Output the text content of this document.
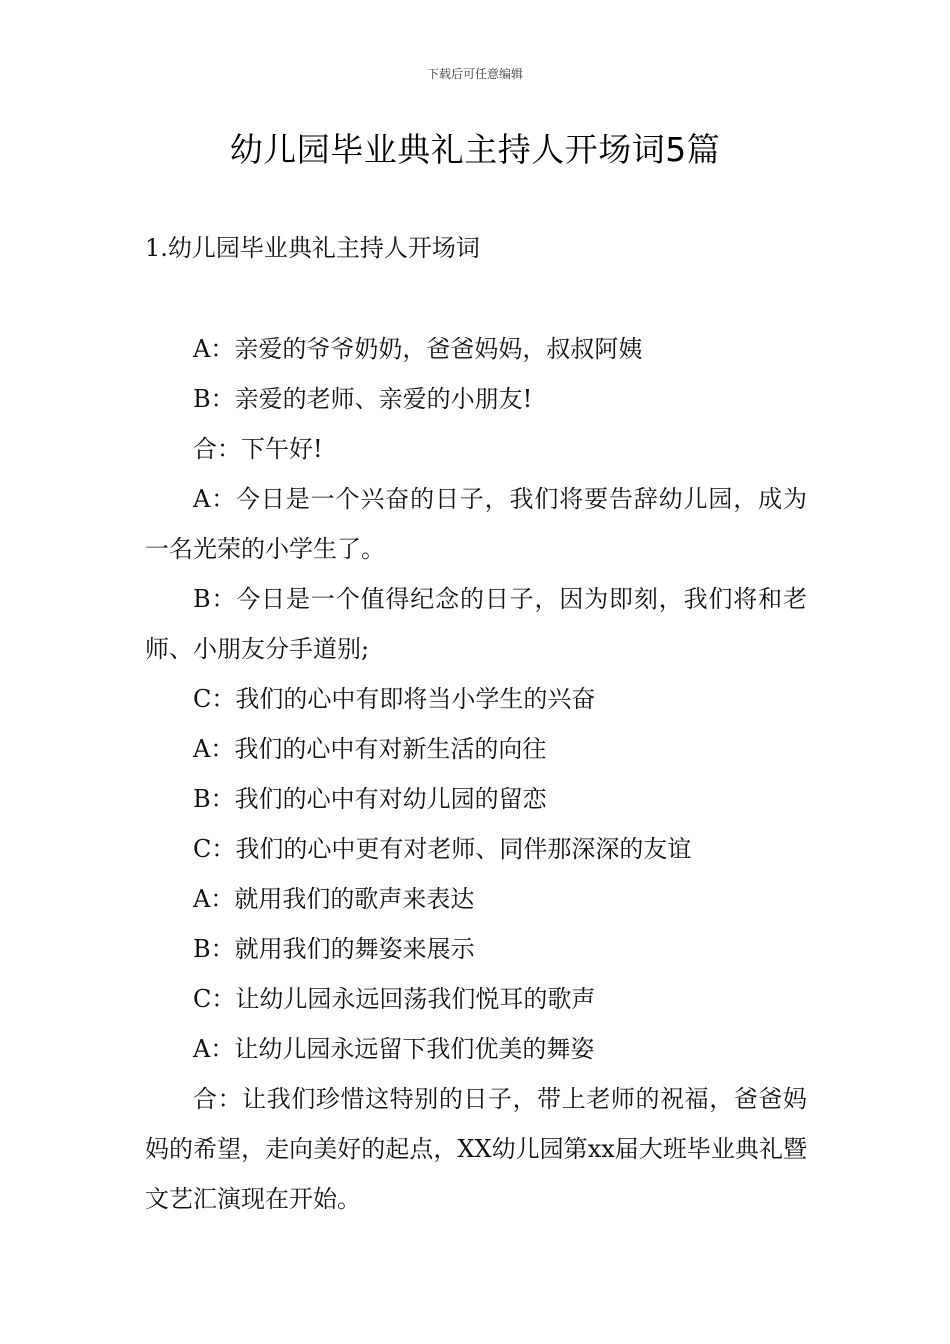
下载后可任意编辑
幼儿园毕业典礼主持人开场词5篇
1.幼儿园毕业典礼主持人开场词

A：亲爱的爷爷奶奶，爸爸妈妈，叔叔阿姨

B：亲爱的老师、亲爱的小朋友!

合：下午好!

A：今日是一个兴奋的日子，我们将要告辞幼儿园，成为一名光荣的小学生了。

B：今日是一个值得纪念的日子，因为即刻，我们将和老师、小朋友分手道别;

C：我们的心中有即将当小学生的兴奋

A：我们的心中有对新生活的向往

B：我们的心中有对幼儿园的留恋

C：我们的心中更有对老师、同伴那深深的友谊

A：就用我们的歌声来表达

B：就用我们的舞姿来展示

C：让幼儿园永远回荡我们悦耳的歌声

A：让幼儿园永远留下我们优美的舞姿

合：让我们珍惜这特别的日子，带上老师的祝福，爸爸妈妈的希望，走向美好的起点，XX幼儿园第xx届大班毕业典礼暨文艺汇演现在开始。
